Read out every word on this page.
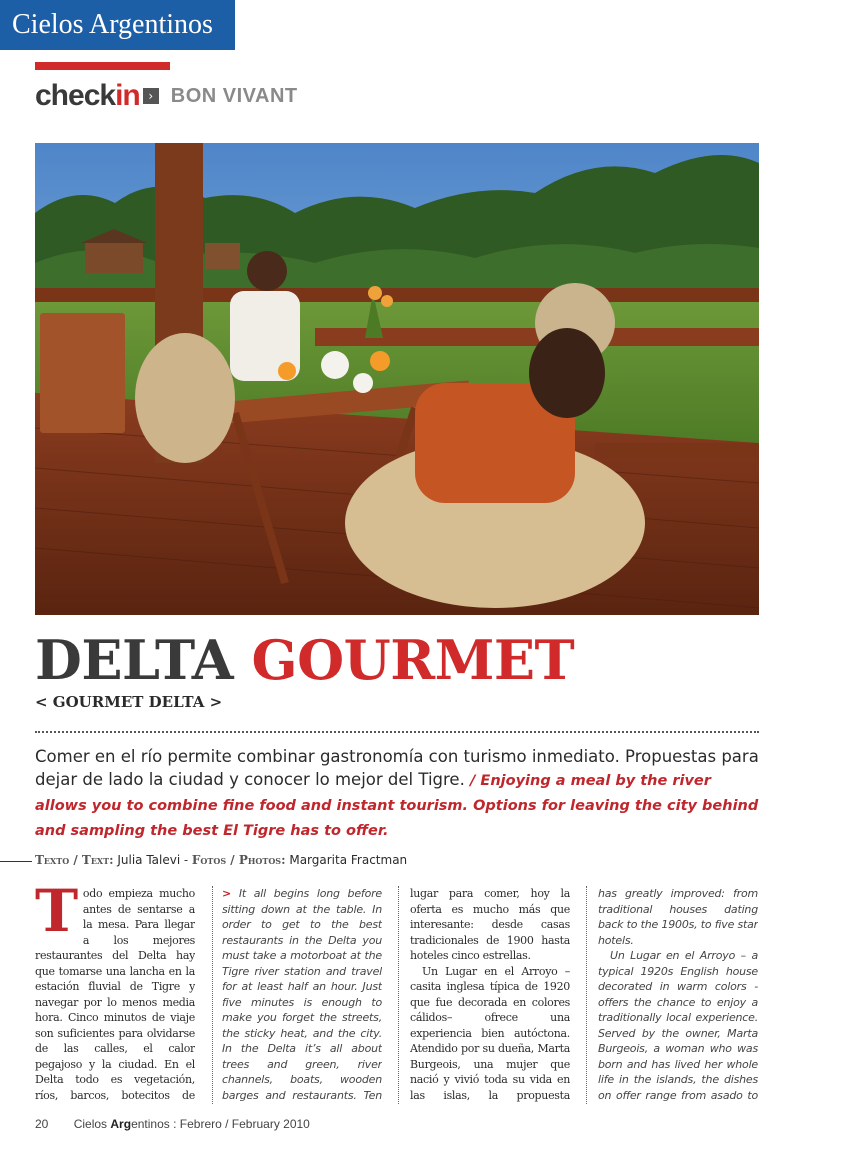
Cielos Argentinos
check in › BON VIVANT
DELTA GOURMET
< GOURMET DELTA >
Comer en el río permite combinar gastronomía con turismo inmediato. Propuestas para dejar de lado la ciudad y conocer lo mejor del Tigre. / Enjoying a meal by the river allows you to combine fine food and instant tourism. Options for leaving the city behind and sampling the best El Tigre has to offer.
Texto / Text: Julia Talevi - Fotos / Photos: Margarita Fractman
T odo empieza mucho antes de sentarse a la mesa. Para llegar a los mejores restaurantes del Delta hay que tomarse una lancha en la estación fluvial de Tigre y navegar por lo menos media hora. Cinco minutos de viaje son suficientes para olvidarse de las calles, el calor pegajoso y la ciudad. En el Delta todo es vegetación, ríos, barcos, botecitos de

> It all begins long before sitting down at the table. In order to get to the best restaurants in the Delta you must take a motorboat at the Tigre river station and travel for at least half an hour. Just five minutes is enough to make you forget the streets, the sticky heat, and the city. In the Delta it’s all about trees and green, river channels, boats, wooden barges and restaurants. Ten

lugar para comer, hoy la oferta es mucho más que interesante: desde casas tradicionales de 1900 hasta hoteles cinco estrellas.

Un Lugar en el Arroyo –casita inglesa típica de 1920 que fue decorada en colores cálidos– ofrece una experiencia bien autóctona. Atendido por su dueña, Marta Burgeois, una mujer que nació y vivió toda su vida en las islas, la propuesta

has greatly improved: from traditional houses dating back to the 1900s, to five star hotels.

Un Lugar en el Arroyo – a typical 1920s English house decorated in warm colors - offers the chance to enjoy a traditionally local experience. Served by the owner, Marta Burgeois, a woman who was born and has lived her whole life in the islands, the dishes on offer range from asado to

20 Cielos Argentinos : Febrero / February 2010
